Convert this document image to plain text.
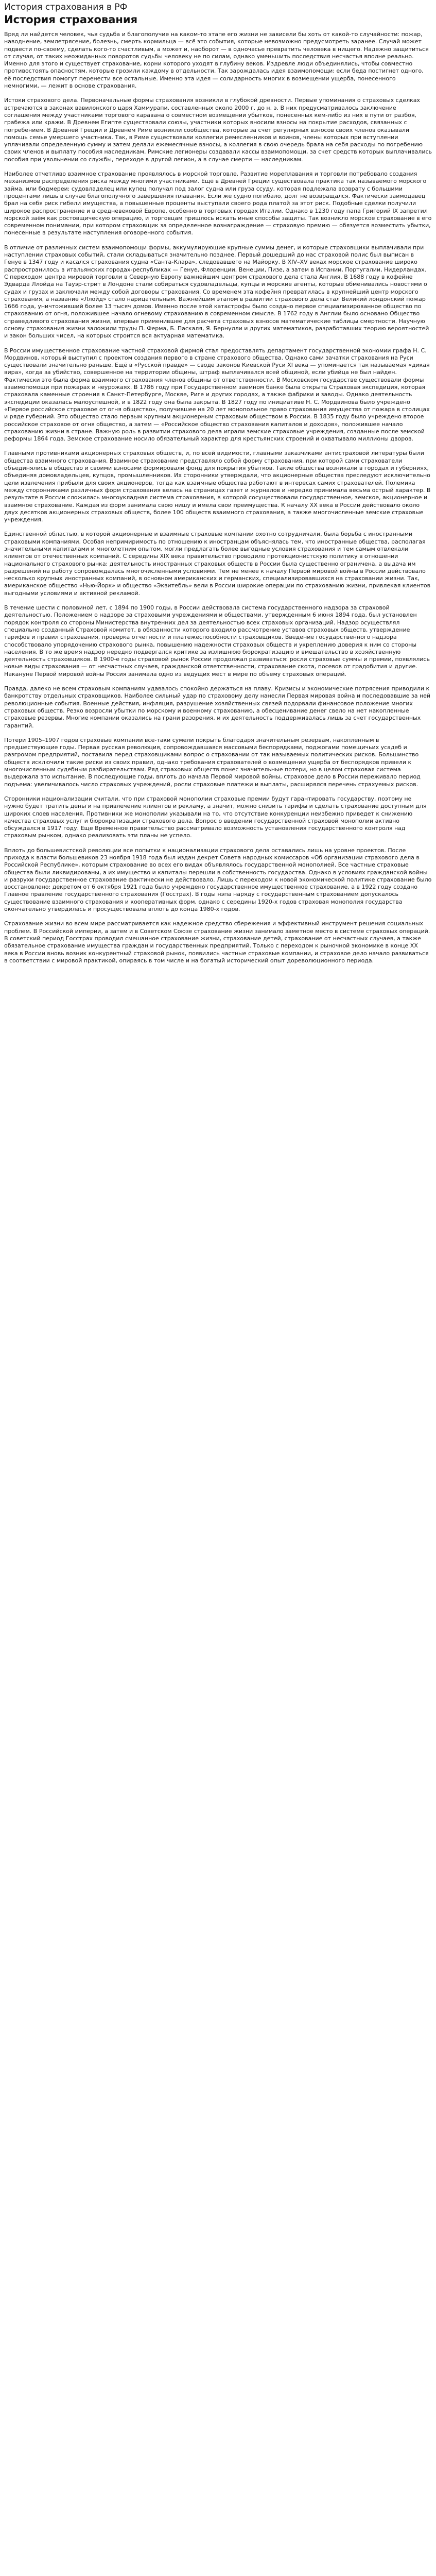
История страхования в РФ
История страхования

Вряд ли найдется человек, чья судьба и благополучие на каком-то этапе его жизни не зависели бы хоть от какой-то случайности: пожар, наводнение, землетрясение, болезнь, смерть кормильца — всё это события, которые невозможно предусмотреть заранее. Случай может подвести по-своему, сделать кого-то счастливым, а может и, наоборот — в одночасье превратить человека в нищего. Надежно защититься от случая, от таких неожиданных поворотов судьбы человеку не по силам, однако уменьшить последствия несчастья вполне реально. Именно для этого и существует страхование, корни которого уходят в глубину веков. Издревле люди объединялись, чтобы совместно противостоять опасностям, которые грозили каждому в отдельности. Так зарождалась идея взаимопомощи: если беда постигнет одного, её последствия помогут перенести все остальные. Именно эта идея — солидарность многих в возмещении ущерба, понесенного немногими, — лежит в основе страхования.

Истоки страхового дела. Первоначальные формы страхования возникли в глубокой древности. Первые упоминания о страховых сделках встречаются в законах вавилонского царя Хаммурапи, составленных около 2000 г. до н. э. В них предусматривалось заключение соглашения между участниками торгового каравана о совместном возмещении убытков, понесенных кем-либо из них в пути от разбоя, грабежа или кражи. В Древнем Египте существовали союзы, участники которых вносили взносы на покрытие расходов, связанных с погребением. В Древней Греции и Древнем Риме возникли сообщества, которые за счет регулярных взносов своих членов оказывали помощь семье умершего участника. Так, в Риме существовали коллегии ремесленников и воинов, члены которых при вступлении уплачивали определенную сумму и затем делали ежемесячные взносы, а коллегия в свою очередь брала на себя расходы по погребению своих членов и выплату пособия наследникам. Римские легионеры создавали кассы взаимопомощи, за счет средств которых выплачивались пособия при увольнении со службы, переходе в другой легион, а в случае смерти — наследникам.

Наиболее отчетливо взаимное страхование проявлялось в морской торговле. Развитие мореплавания и торговли потребовало создания механизмов распределения риска между многими участниками. Ещё в Древней Греции существовала практика так называемого морского займа, или бодмереи: судовладелец или купец получал под залог судна или груза ссуду, которая подлежала возврату с большими процентами лишь в случае благополучного завершения плавания. Если же судно погибало, долг не возвращался. Фактически заимодавец брал на себя риск гибели имущества, а повышенные проценты выступали своего рода платой за этот риск. Подобные сделки получили широкое распространение и в средневековой Европе, особенно в торговых городах Италии. Однако в 1230 году папа Григорий IX запретил морской заём как ростовщическую операцию, и торговцам пришлось искать иные способы защиты. Так возникло морское страхование в его современном понимании, при котором страховщик за определенное вознаграждение — страховую премию — обязуется возместить убытки, понесенные в результате наступления оговоренного события.

В отличие от различных систем взаимопомощи формы, аккумулирующие крупные суммы денег, и которые страховщики выплачивали при наступлении страховых событий, стали складываться значительно позднее. Первый дошедший до нас страховой полис был выписан в Генуе в 1347 году и касался страхования судна «Санта-Клара», следовавшего на Майорку. В XIV–XV веках морское страхование широко распространилось в итальянских городах-республиках — Генуе, Флоренции, Венеции, Пизе, а затем в Испании, Португалии, Нидерландах. С переходом центра мировой торговли в Северную Европу важнейшим центром страхового дела стала Англия. В 1688 году в кофейне Эдварда Ллойда на Тауэр-стрит в Лондоне стали собираться судовладельцы, купцы и морские агенты, которые обменивались новостями о судах и грузах и заключали между собой договоры страхования. Со временем эта кофейня превратилась в крупнейший центр морского страхования, а название «Ллойд» стало нарицательным. Важнейшим этапом в развитии страхового дела стал Великий лондонский пожар 1666 года, уничтоживший более 13 тысяч домов. Именно после этой катастрофы было создано первое специализированное общество по страхованию от огня, положившее начало огневому страхованию в современном смысле. В 1762 году в Англии было основано Общество справедливого страхования жизни, впервые применившее для расчета страховых взносов математические таблицы смертности. Научную основу страхования жизни заложили труды П. Ферма, Б. Паскаля, Я. Бернулли и других математиков, разработавших теорию вероятностей и закон больших чисел, на которых строится вся актуарная математика.

В России имущественное страхование частной страховой фирмой стал предоставлять департамент государственной экономии графа Н. С. Мордвинов, который выступил с проектом создания первого в стране страхового общества. Однако сами зачатки страхования на Руси существовали значительно раньше. Ещё в «Русской правде» — своде законов Киевской Руси XI века — упоминается так называемая «дикая вира», когда за убийство, совершенное на территории общины, штраф выплачивался всей общиной, если убийца не был найден. Фактически это была форма взаимного страхования членов общины от ответственности. В Московском государстве существовали формы взаимопомощи при пожарах и неурожаях. В 1786 году при Государственном заемном банке была открыта Страховая экспедиция, которая страховала каменные строения в Санкт-Петербурге, Москве, Риге и других городах, а также фабрики и заводы. Однако деятельность экспедиции оказалась малоуспешной, и в 1822 году она была закрыта. В 1827 году по инициативе Н. С. Мордвинова было учреждено «Первое российское страховое от огня общество», получившее на 20 лет монопольное право страхования имущества от пожара в столицах и ряде губерний. Это общество стало первым крупным акционерным страховым обществом в России. В 1835 году было учреждено второе российское страховое от огня общество, а затем — «Российское общество страхования капиталов и доходов», положившее начало страхованию жизни в стране. Важную роль в развитии страхового дела играли земские страховые учреждения, созданные после земской реформы 1864 года. Земское страхование носило обязательный характер для крестьянских строений и охватывало миллионы дворов.

Главными противниками акционерных страховых обществ, и, по всей видимости, главными заказчиками антистраховой литературы были общества взаимного страхования. Взаимное страхование представляло собой форму страхования, при которой сами страхователи объединялись в общество и своими взносами формировали фонд для покрытия убытков. Такие общества возникали в городах и губерниях, объединяя домовладельцев, купцов, промышленников. Их сторонники утверждали, что акционерные общества преследуют исключительно цели извлечения прибыли для своих акционеров, тогда как взаимные общества работают в интересах самих страхователей. Полемика между сторонниками различных форм страхования велась на страницах газет и журналов и нередко принимала весьма острый характер. В результате в России сложилась многоукладная система страхования, в которой сосуществовали государственное, земское, акционерное и взаимное страхование. Каждая из форм занимала свою нишу и имела свои преимущества. К началу XX века в России действовало около двух десятков акционерных страховых обществ, более 100 обществ взаимного страхования, а также многочисленные земские страховые учреждения.

Единственной областью, в которой акционерные и взаимные страховые компании охотно сотрудничали, была борьба с иностранными страховыми компаниями. Особая непримиримость по отношению к иностранцам объяснялась тем, что иностранные общества, располагая значительными капиталами и многолетним опытом, могли предлагать более выгодные условия страхования и тем самым отвлекали клиентов от отечественных компаний. С середины XIX века правительство проводило протекционистскую политику в отношении национального страхового рынка: деятельность иностранных страховых обществ в России была существенно ограничена, а выдача им разрешений на работу сопровождалась многочисленными условиями. Тем не менее к началу Первой мировой войны в России действовало несколько крупных иностранных компаний, в основном американских и германских, специализировавшихся на страховании жизни. Так, американское общество «Нью-Йорк» и общество «Эквитебль» вели в России широкие операции по страхованию жизни, привлекая клиентов выгодными условиями и активной рекламой.

В течение шести с половиной лет, с 1894 по 1900 годы, в России действовала система государственного надзора за страховой деятельностью. Положением о надзоре за страховыми учреждениями и обществами, утвержденным 6 июня 1894 года, был установлен порядок контроля со стороны Министерства внутренних дел за деятельностью всех страховых организаций. Надзор осуществлял специально созданный Страховой комитет, в обязанности которого входило рассмотрение уставов страховых обществ, утверждение тарифов и правил страхования, проверка отчетности и платежеспособности страховщиков. Введение государственного надзора способствовало упорядочению страхового рынка, повышению надежности страховых обществ и укреплению доверия к ним со стороны населения. В то же время надзор нередко подвергался критике за излишнюю бюрократизацию и вмешательство в хозяйственную деятельность страховщиков. В 1900-е годы страховой рынок России продолжал развиваться: росли страховые суммы и премии, появлялись новые виды страхования — от несчастных случаев, гражданской ответственности, страхование скота, посевов от градобития и другие. Накануне Первой мировой войны Россия занимала одно из ведущих мест в мире по объему страховых операций.

Правда, далеко не всем страховым компаниям удавалось спокойно держаться на плаву. Кризисы и экономические потрясения приводили к банкротству отдельных страховщиков. Наиболее сильный удар по страховому делу нанесли Первая мировая война и последовавшие за ней революционные события. Военные действия, инфляция, разрушение хозяйственных связей подорвали финансовое положение многих страховых обществ. Резко возросли убытки по морскому и военному страхованию, а обесценивание денег свело на нет накопленные страховые резервы. Многие компании оказались на грани разорения, и их деятельность поддерживалась лишь за счет государственных гарантий.

Потери 1905–1907 годов страховые компании все-таки сумели покрыть благодаря значительным резервам, накопленным в предшествующие годы. Первая русская революция, сопровождавшаяся массовыми беспорядками, поджогами помещичьих усадеб и разгромом предприятий, поставила перед страховщиками вопрос о страховании от так называемых политических рисков. Большинство обществ исключили такие риски из своих правил, однако требования страхователей о возмещении ущерба от беспорядков привели к многочисленным судебным разбирательствам. Ряд страховых обществ понес значительные потери, но в целом страховая система выдержала это испытание. В последующие годы, вплоть до начала Первой мировой войны, страховое дело в России переживало период подъема: увеличивалось число страховых учреждений, росли страховые платежи и выплаты, расширялся перечень страхуемых рисков.

Сторонники национализации считали, что при страховой монополии страховые премии будут гарантировать государству, поэтому не нужно будет тратить деньги на привлечение клиентов и рекламу, а значит, можно снизить тарифы и сделать страхование доступным для широких слоев населения. Противники же монополии указывали на то, что отсутствие конкуренции неизбежно приведет к снижению качества страховых услуг и бюрократизации страхового дела. Вопрос о введении государственной страховой монополии активно обсуждался в 1917 году. Еще Временное правительство рассматривало возможность установления государственного контроля над страховым рынком, однако реализовать эти планы не успело.

Вплоть до большевистской революции все попытки к национализации страхового дела оставались лишь на уровне проектов. После прихода к власти большевиков 23 ноября 1918 года был издан декрет Совета народных комиссаров «Об организации страхового дела в Российской Республике», которым страхование во всех его видах объявлялось государственной монополией. Все частные страховые общества были ликвидированы, а их имущество и капиталы перешли в собственность государства. Однако в условиях гражданской войны и разрухи государственное страхование фактически не действовало. Лишь с переходом к новой экономической политике страхование было восстановлено: декретом от 6 октября 1921 года было учреждено государственное имущественное страхование, а в 1922 году создано Главное правление государственного страхования (Госстрах). В годы нэпа наряду с государственным страхованием допускалось существование взаимного страхования и кооперативных форм, однако с середины 1920-х годов страховая монополия государства окончательно утвердилась и просуществовала вплоть до конца 1980-х годов.

Страхование жизни во всем мире рассматривается как надежное средство сбережения и эффективный инструмент решения социальных проблем. В Российской империи, а затем и в Советском Союзе страхование жизни занимало заметное место в системе страховых операций. В советский период Госстрах проводил смешанное страхование жизни, страхование детей, страхование от несчастных случаев, а также обязательное страхование имущества граждан и государственных предприятий. Только с переходом к рыночной экономике в конце XX века в России вновь возник конкурентный страховой рынок, появились частные страховые компании, и страховое дело начало развиваться в соответствии с мировой практикой, опираясь в том числе и на богатый исторический опыт дореволюционного периода.
